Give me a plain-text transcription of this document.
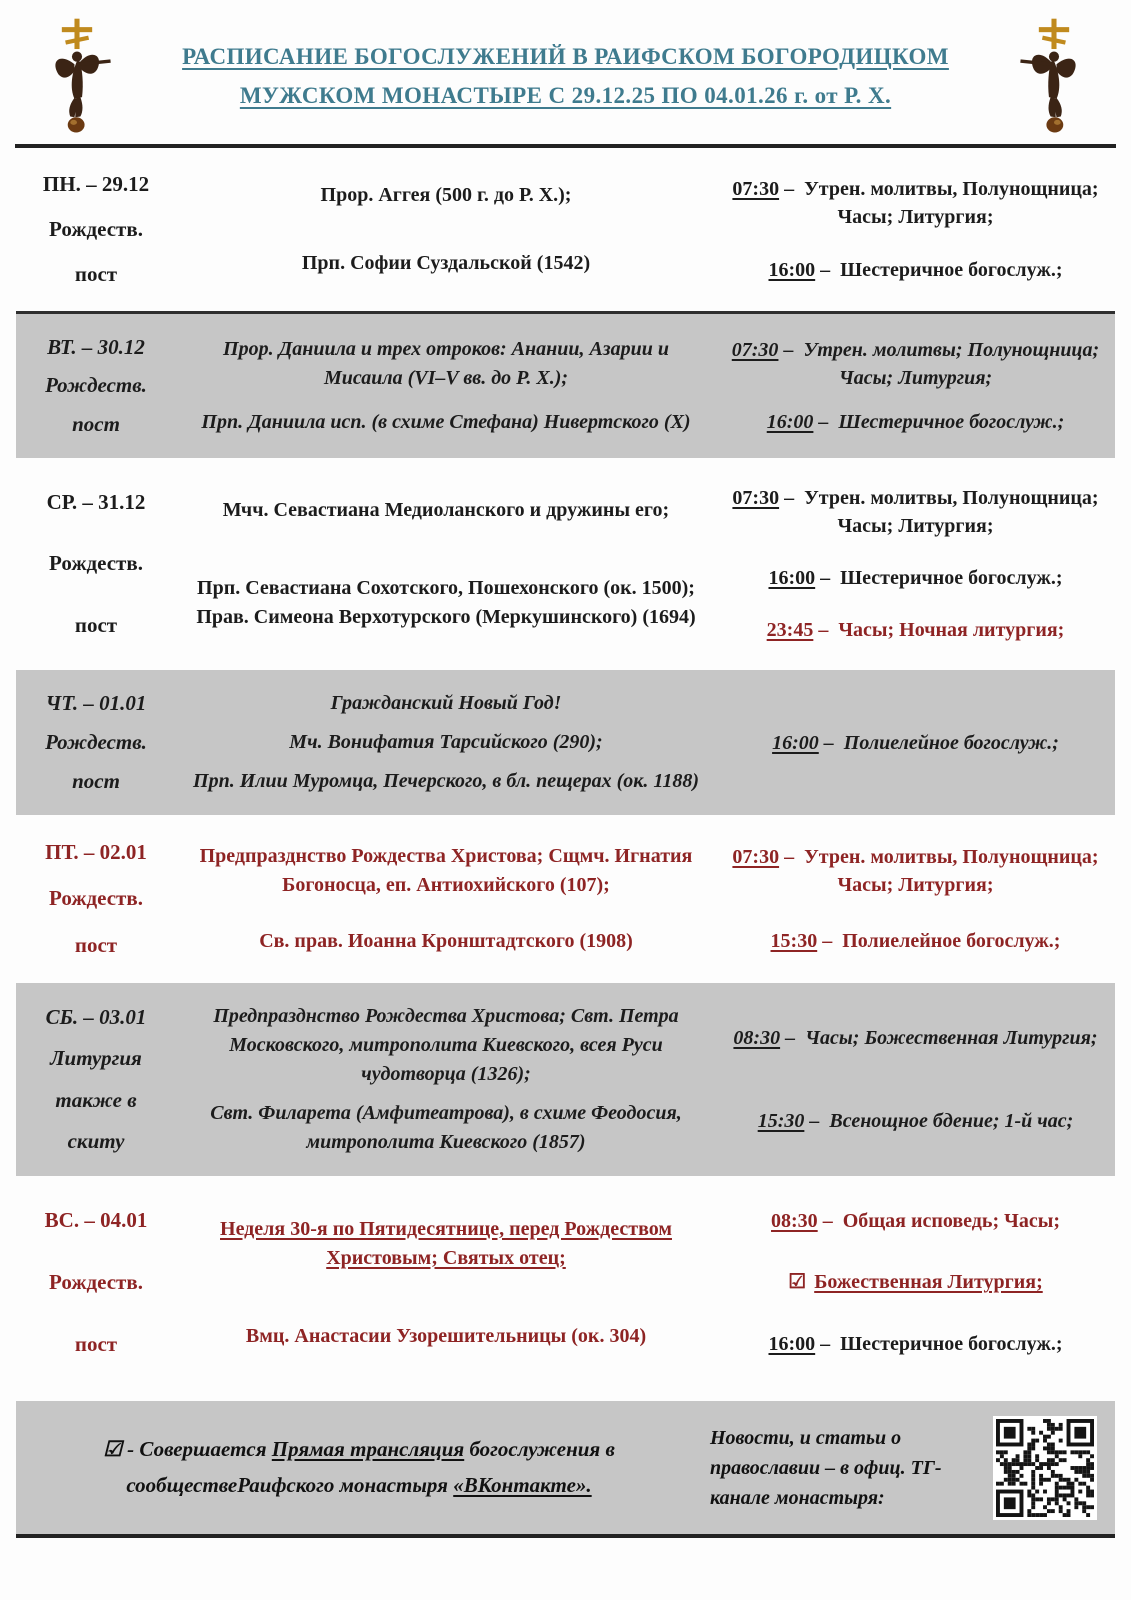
РАСПИСАНИЕ БОГОСЛУЖЕНИЙ В РАИФСКОМ БОГОРОДИЦКОМ
МУЖСКОМ МОНАСТЫРЕ С 29.12.25 ПО 04.01.26 г. от Р. Х.
ПН. – 29.12
Рождеств.
пост
Прор. Аггея (500 г. до Р. Х.);
Прп. Софии Суздальской (1542)
07:30 –  Утрен. молитвы, Полунощница; Часы; Литургия;
16:00 –  Шестеричное богослуж.;
ВТ. – 30.12
Рождеств.
пост
Прор. Даниила и трех отроков: Анании, Азарии и Мисаила (VI–V вв. до Р. Х.);
Прп. Даниила исп. (в схиме Стефана) Нивертского (X)
07:30 –  Утрен. молитвы; Полунощница; Часы; Литургия;
16:00 –  Шестеричное богослуж.;
СР. – 31.12
Рождеств.
пост
Мчч. Севастиана Медиоланского и дружины его;
Прп. Севастиана Сохотского, Пошехонского (ок. 1500); Прав. Симеона Верхотурского (Меркушинского) (1694)
07:30 –  Утрен. молитвы, Полунощница; Часы; Литургия;
16:00 –  Шестеричное богослуж.;
23:45 –  Часы; Ночная литургия;
ЧТ. – 01.01
Рождеств.
пост
Гражданский Новый Год!
Мч. Вонифатия Тарсийского (290);
Прп. Илии Муромца, Печерского, в бл. пещерах (ок. 1188)
16:00 –  Полиелейное богослуж.;
ПТ. – 02.01
Рождеств.
пост
Предпразднство Рождества Христова; Сщмч. Игнатия Богоносца, еп. Антиохийского (107);
Св. прав. Иоанна Кронштадтского (1908)
07:30 –  Утрен. молитвы, Полунощница; Часы; Литургия;
15:30 –  Полиелейное богослуж.;
СБ. – 03.01
Литургия
также в
скиту
Предпразднство Рождества Христова; Свт. Петра Московского, митрополита Киевского, всея Руси чудотворца (1326);
Свт. Филарета (Амфитеатрова), в схиме Феодосия, митрополита Киевского (1857)
08:30 –  Часы; Божественная Литургия;
15:30 –  Всенощное бдение; 1-й час;
ВС. – 04.01
Рождеств.
пост
Неделя 30-я по Пятидесятнице, перед Рождеством Христовым; Святых отец;
Вмц. Анастасии Узорешительницы (ок. 304)
08:30 –  Общая исповедь; Часы;
☑ Божественная Литургия;
16:00 –  Шестеричное богослуж.;
☑ - Совершается Прямая трансляция богослужения в сообществеРаифского монастыря «ВКонтакте».
Новости, и статьи о православии – в офиц. ТГ-канале монастыря:
